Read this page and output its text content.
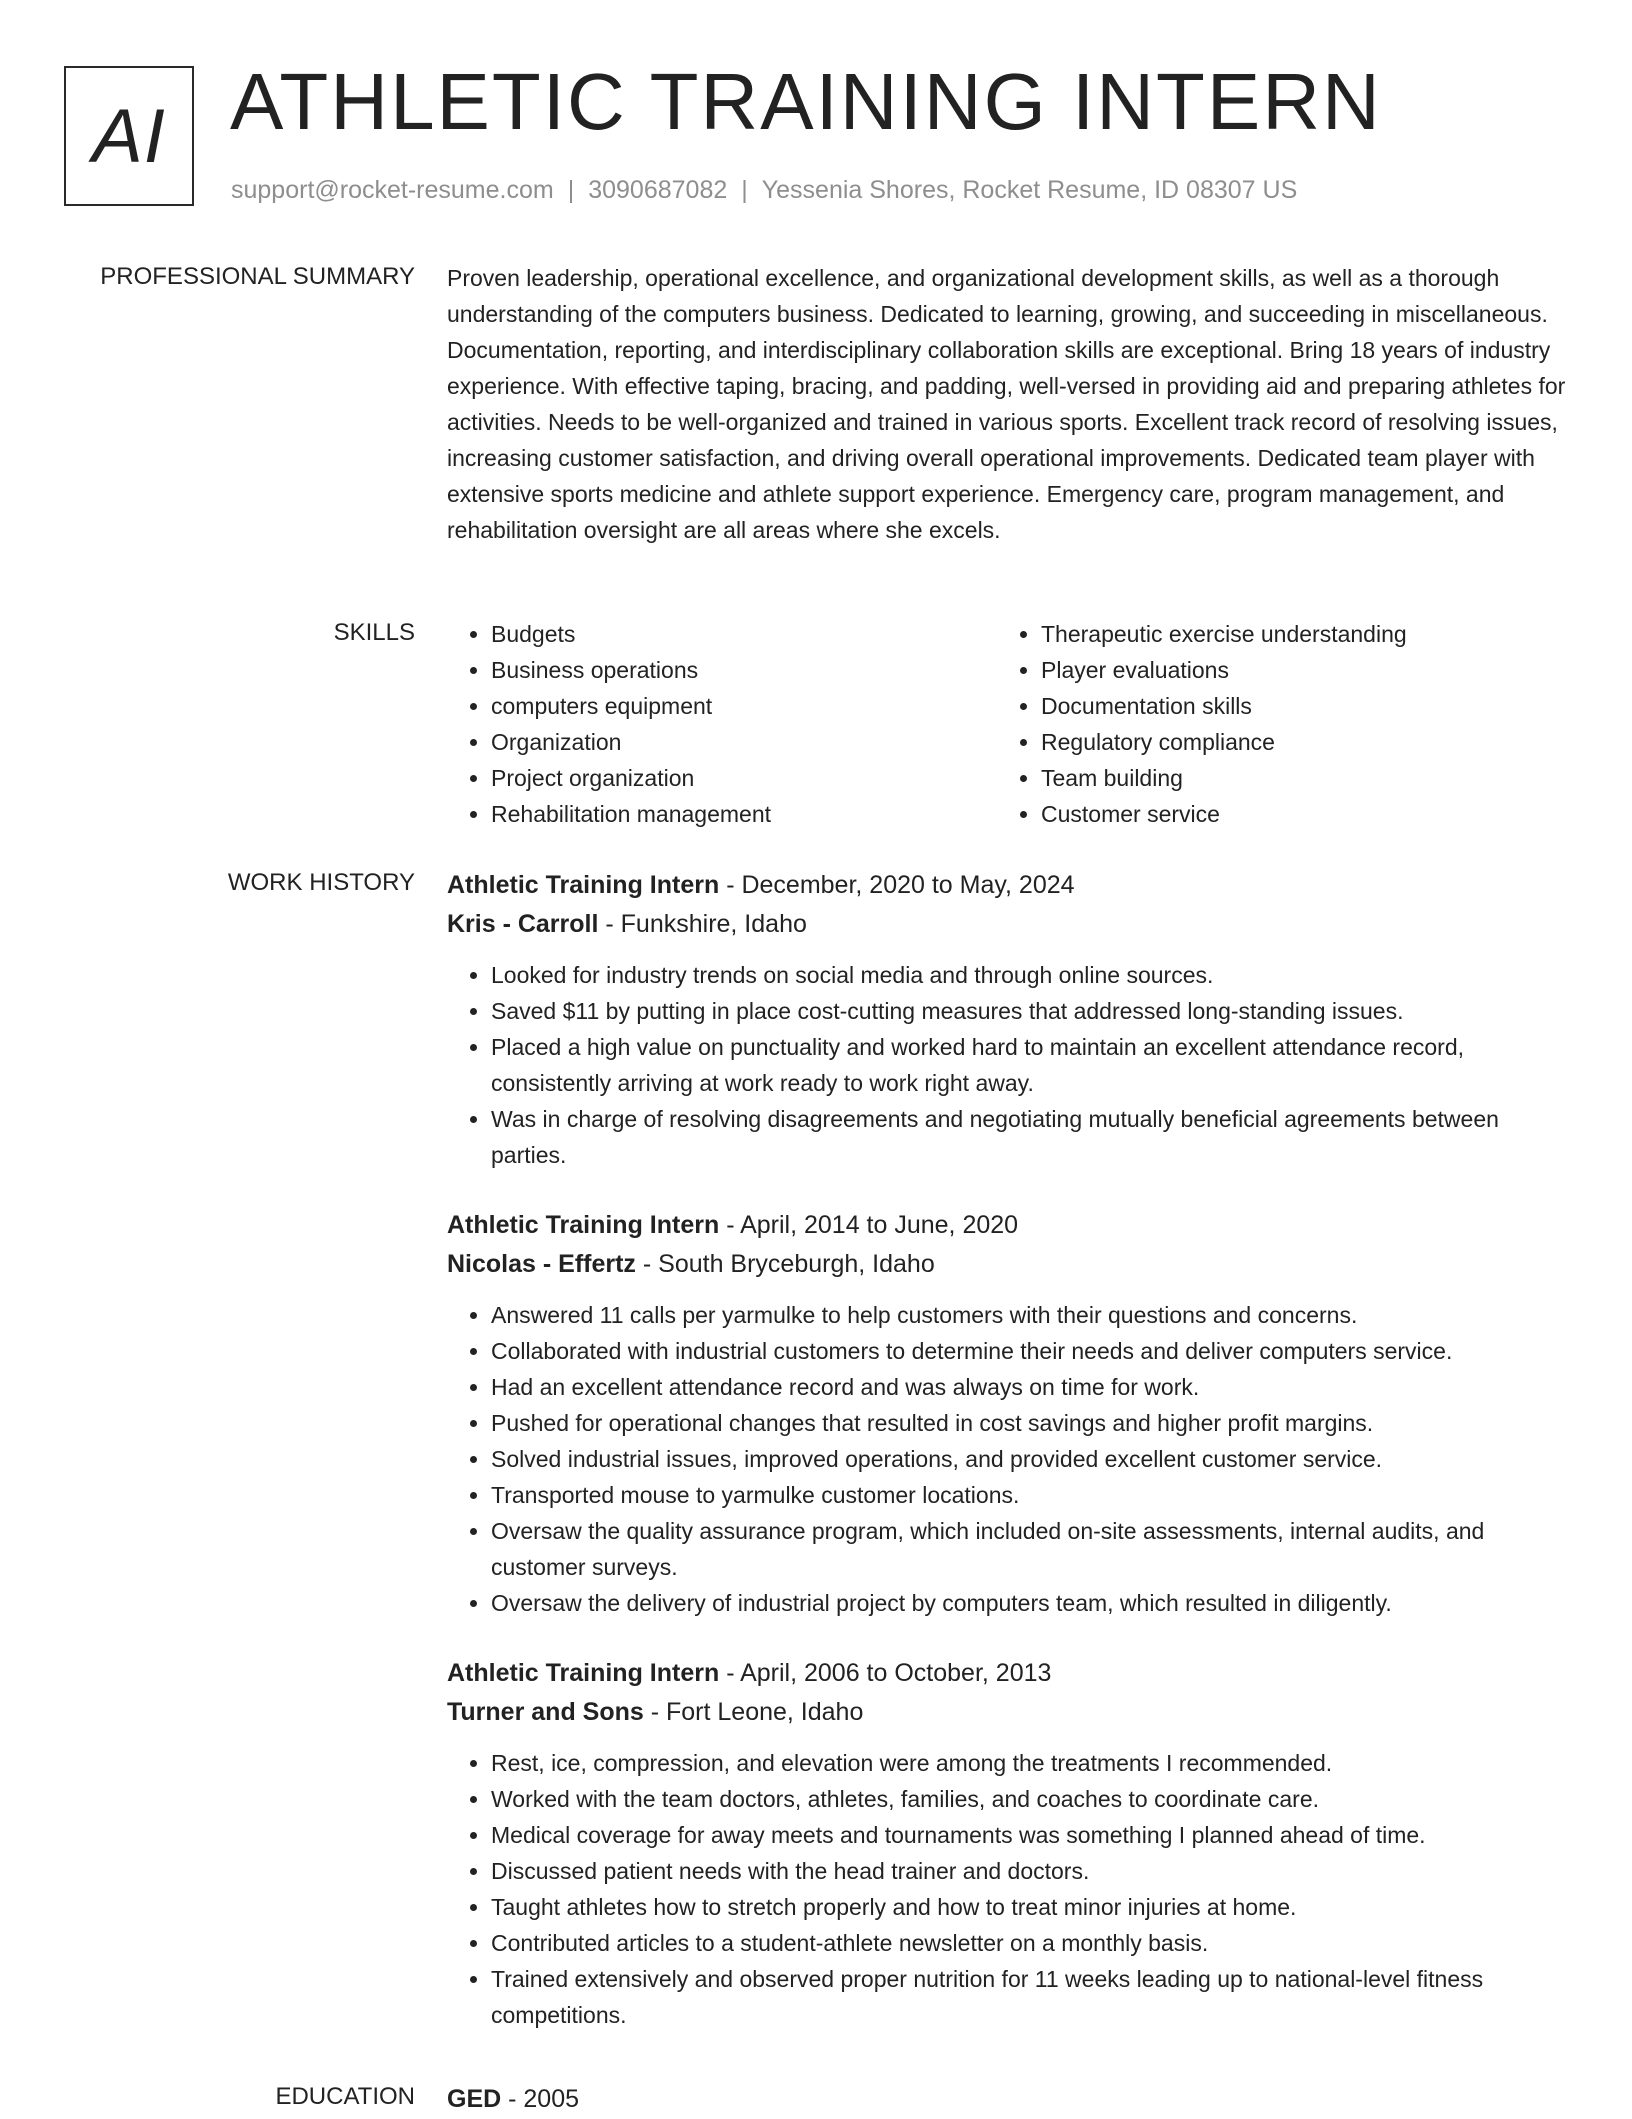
AI ATHLETIC TRAINING INTERN
support@rocket-resume.com | 3090687082 | Yessenia Shores, Rocket Resume, ID 08307 US
PROFESSIONAL SUMMARY Proven leadership, operational excellence, and organizational development skills, as well as a thorough understanding of the computers business. Dedicated to learning, growing, and succeeding in miscellaneous. Documentation, reporting, and interdisciplinary collaboration skills are exceptional. Bring 18 years of industry experience. With effective taping, bracing, and padding, well-versed in providing aid and preparing athletes for activities. Needs to be well-organized and trained in various sports. Excellent track record of resolving issues, increasing customer satisfaction, and driving overall operational improvements. Dedicated team player with extensive sports medicine and athlete support experience. Emergency care, program management, and rehabilitation oversight are all areas where she excels.

SKILLS
•	Budgets
• Business operations
• computers equipment
• Organization
• Project organization
• Rehabilitation management
• Therapeutic exercise understanding
• Player evaluations
• Documentation skills
• Regulatory compliance
• Team building
• Customer service
WORK HISTORY Athletic Training Intern - December, 2020 to May, 2024
Kris - Carroll - Funkshire, Idaho
• Looked for industry trends on social media and through online sources.
• Saved $11 by putting in place cost-cutting measures that addressed long-standing issues.
• Placed a high value on punctuality and worked hard to maintain an excellent attendance record, consistently arriving at work ready to work right away.
• Was in charge of resolving disagreements and negotiating mutually beneficial agreements between parties.
Athletic Training Intern - April, 2014 to June, 2020
Nicolas - Effertz - South Bryceburgh, Idaho
• Answered 11 calls per yarmulke to help customers with their questions and concerns.
• Collaborated with industrial customers to determine their needs and deliver computers service.
• Had an excellent attendance record and was always on time for work.
• Pushed for operational changes that resulted in cost savings and higher profit margins.
• Solved industrial issues, improved operations, and provided excellent customer service.
• Transported mouse to yarmulke customer locations.
• Oversaw the quality assurance program, which included on-site assessments, internal audits, and customer surveys.
• Oversaw the delivery of industrial project by computers team, which resulted in diligently.
Athletic Training Intern - April, 2006 to October, 2013
Turner and Sons - Fort Leone, Idaho
• Rest, ice, compression, and elevation were among the treatments I recommended.
• Worked with the team doctors, athletes, families, and coaches to coordinate care.
• Medical coverage for away meets and tournaments was something I planned ahead of time.
• Discussed patient needs with the head trainer and doctors.
• Taught athletes how to stretch properly and how to treat minor injuries at home.
• Contributed articles to a student-athlete newsletter on a monthly basis.
• Trained extensively and observed proper nutrition for 11 weeks leading up to national-level fitness competitions.
EDUCATION GED - 2005
